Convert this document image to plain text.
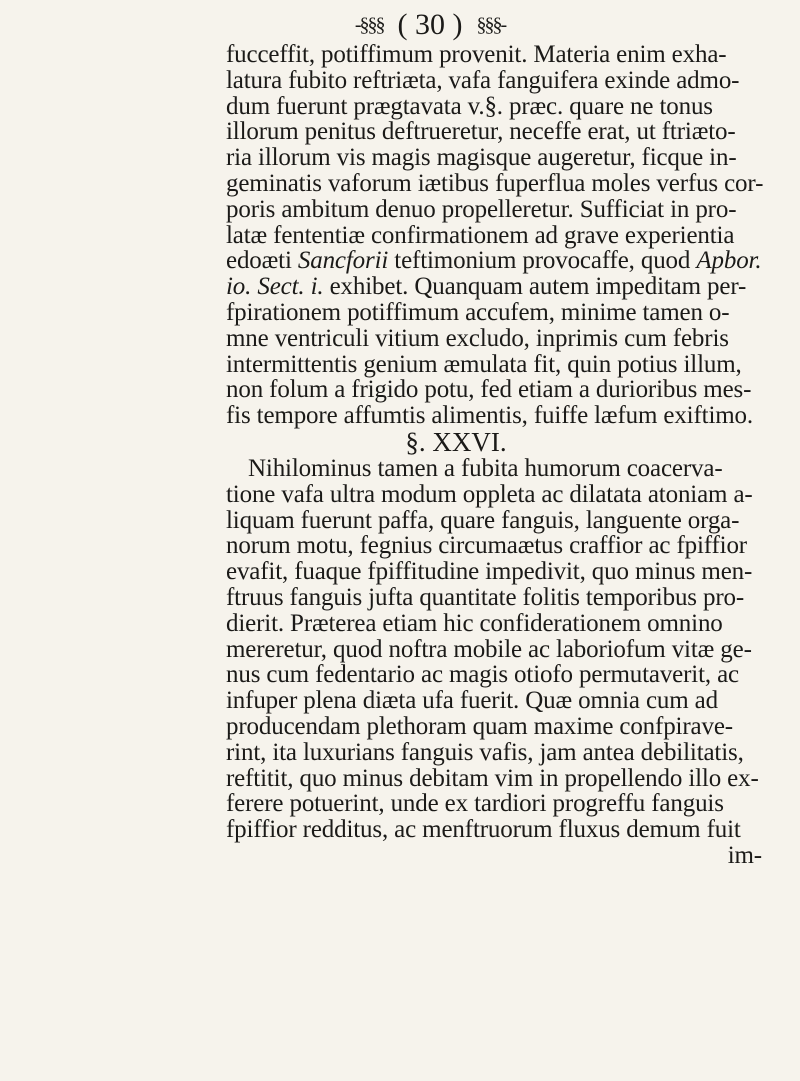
-§§§ ( 30 ) §§§-
fucceffit, potiffimum provenit. Materia enim exha-
latura fubito reftriæta, vafa fanguifera exinde admo-
dum fuerunt prægtavata v.§. præc. quare ne tonus
illorum penitus deftrueretur, neceffe erat, ut ftriæto-
ria illorum vis magis magisque augeretur, ficque in-
geminatis vaforum iætibus fuperflua moles verfus cor-
poris ambitum denuo propelleretur. Sufficiat in pro-
latæ fententiæ confirmationem ad grave experientia
edoæti Sancforii teftimonium provocaffe, quod Apbor.
io. Sect. i. exhibet. Quanquam autem impeditam per-
fpirationem potiffimum accufem, minime tamen o-
mne ventriculi vitium excludo, inprimis cum febris
intermittentis genium æmulata fit, quin potius illum,
non folum a frigido potu, fed etiam a durioribus mes-
fis tempore affumtis alimentis, fuiffe læfum exiftimo.
§. XXVI.
Nihilominus tamen a fubita humorum coacerva-
tione vafa ultra modum oppleta ac dilatata atoniam a-
liquam fuerunt paffa, quare fanguis, languente orga-
norum motu, fegnius circumaætus craffior ac fpiffior
evafit, fuaque fpiffitudine impedivit, quo minus men-
ftruus fanguis jufta quantitate folitis temporibus pro-
dierit. Præterea etiam hic confiderationem omnino
mereretur, quod noftra mobile ac laboriofum vitæ ge-
nus cum fedentario ac magis otiofo permutaverit, ac
infuper plena diæta ufa fuerit. Quæ omnia cum ad
producendam plethoram quam maxime confpirave-
rint, ita luxurians fanguis vafis, jam antea debilitatis,
reftitit, quo minus debitam vim in propellendo illo ex-
ferere potuerint, unde ex tardiori progreffu fanguis
fpiffior redditus, ac menftruorum fluxus demum fuit
im-
